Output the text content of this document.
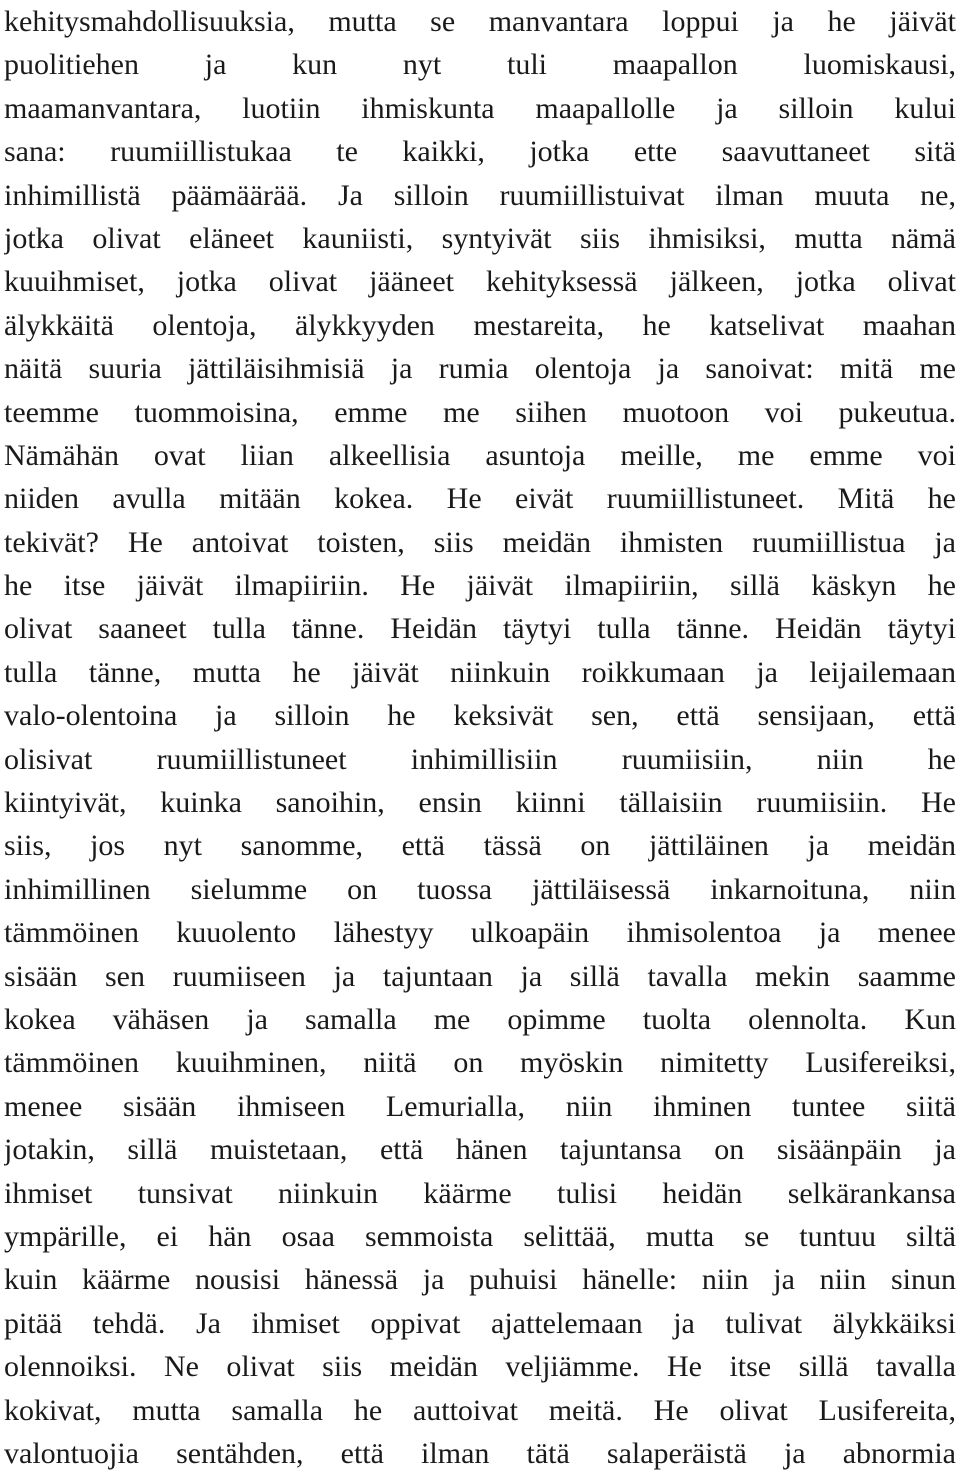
kehitysmahdollisuuksia, mutta se manvantara loppui ja he jäivät
puolitiehen ja kun nyt tuli maapallon luomiskausi,
maamanvantara, luotiin ihmiskunta maapallolle ja silloin kului
sana: ruumiillistukaa te kaikki, jotka ette saavuttaneet sitä
inhimillistä päämäärää. Ja silloin ruumiillistuivat ilman muuta ne,
jotka olivat eläneet kauniisti, syntyivät siis ihmisiksi, mutta nämä
kuuihmiset, jotka olivat jääneet kehityksessä jälkeen, jotka olivat
älykkäitä olentoja, älykkyyden mestareita, he katselivat maahan
näitä suuria jättiläisihmisiä ja rumia olentoja ja sanoivat: mitä me
teemme tuommoisina, emme me siihen muotoon voi pukeutua.
Nämähän ovat liian alkeellisia asuntoja meille, me emme voi
niiden avulla mitään kokea. He eivät ruumiillistuneet. Mitä he
tekivät? He antoivat toisten, siis meidän ihmisten ruumiillistua ja
he itse jäivät ilmapiiriin. He jäivät ilmapiiriin, sillä käskyn he
olivat saaneet tulla tänne. Heidän täytyi tulla tänne. Heidän täytyi
tulla tänne, mutta he jäivät niinkuin roikkumaan ja leijailemaan
valo-olentoina ja silloin he keksivät sen, että sensijaan, että
olisivat ruumiillistuneet inhimillisiin ruumiisiin, niin he
kiintyivät, kuinka sanoihin, ensin kiinni tällaisiin ruumiisiin. He
siis, jos nyt sanomme, että tässä on jättiläinen ja meidän
inhimillinen sielumme on tuossa jättiläisessä inkarnoituna, niin
tämmöinen kuuolento lähestyy ulkoapäin ihmisolentoa ja menee
sisään sen ruumiiseen ja tajuntaan ja sillä tavalla mekin saamme
kokea vähäsen ja samalla me opimme tuolta olennolta. Kun
tämmöinen kuuihminen, niitä on myöskin nimitetty Lusifereiksi,
menee sisään ihmiseen Lemurialla, niin ihminen tuntee siitä
jotakin, sillä muistetaan, että hänen tajuntansa on sisäänpäin ja
ihmiset tunsivat niinkuin käärme tulisi heidän selkärankansa
ympärille, ei hän osaa semmoista selittää, mutta se tuntuu siltä
kuin käärme nousisi hänessä ja puhuisi hänelle: niin ja niin sinun
pitää tehdä. Ja ihmiset oppivat ajattelemaan ja tulivat älykkäiksi
olennoiksi. Ne olivat siis meidän veljiämme. He itse sillä tavalla
kokivat, mutta samalla he auttoivat meitä. He olivat Lusifereita,
valontuojia sentähden, että ilman tätä salaperäistä ja abnormia
